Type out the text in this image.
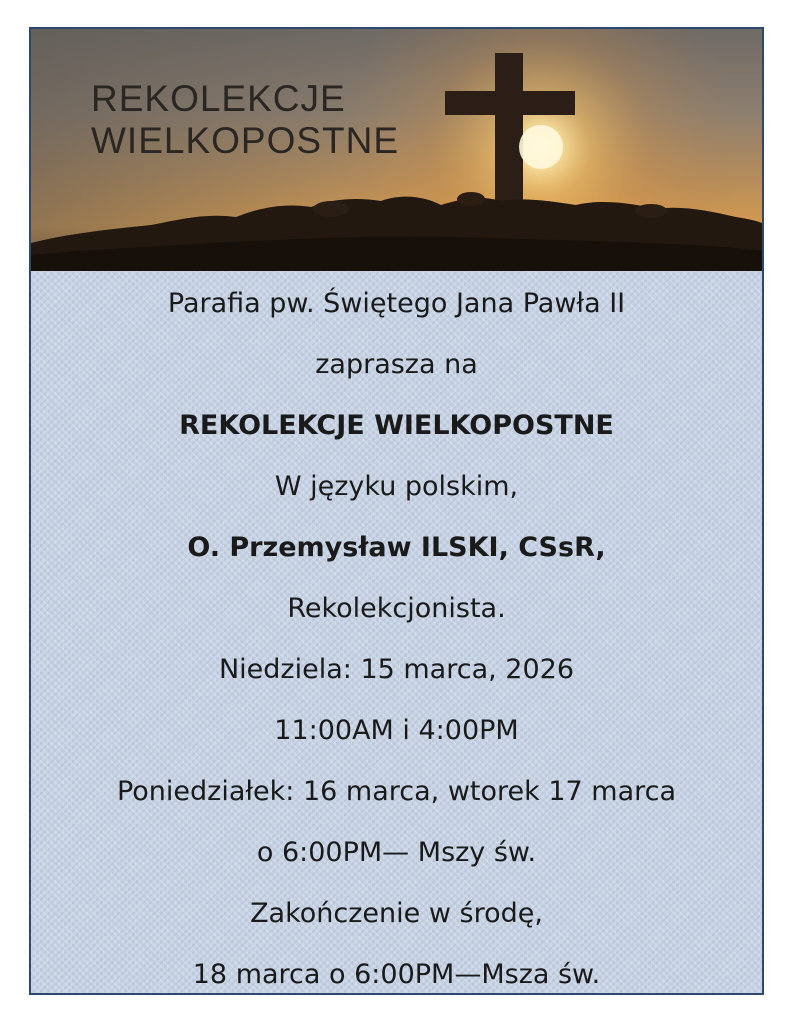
REKOLEKCJE
WIELKOPOSTNE
Parafia pw. Świętego Jana Pawła II
zaprasza na
REKOLEKCJE WIELKOPOSTNE
W języku polskim,
O. Przemysław ILSKI, CSsR,
Rekolekcjonista.
Niedziela: 15 marca, 2026
11:00AM i 4:00PM
Poniedziałek: 16 marca, wtorek 17 marca
o 6:00PM— Mszy św.
Zakończenie w środę,
18 marca o 6:00PM—Msza św.
